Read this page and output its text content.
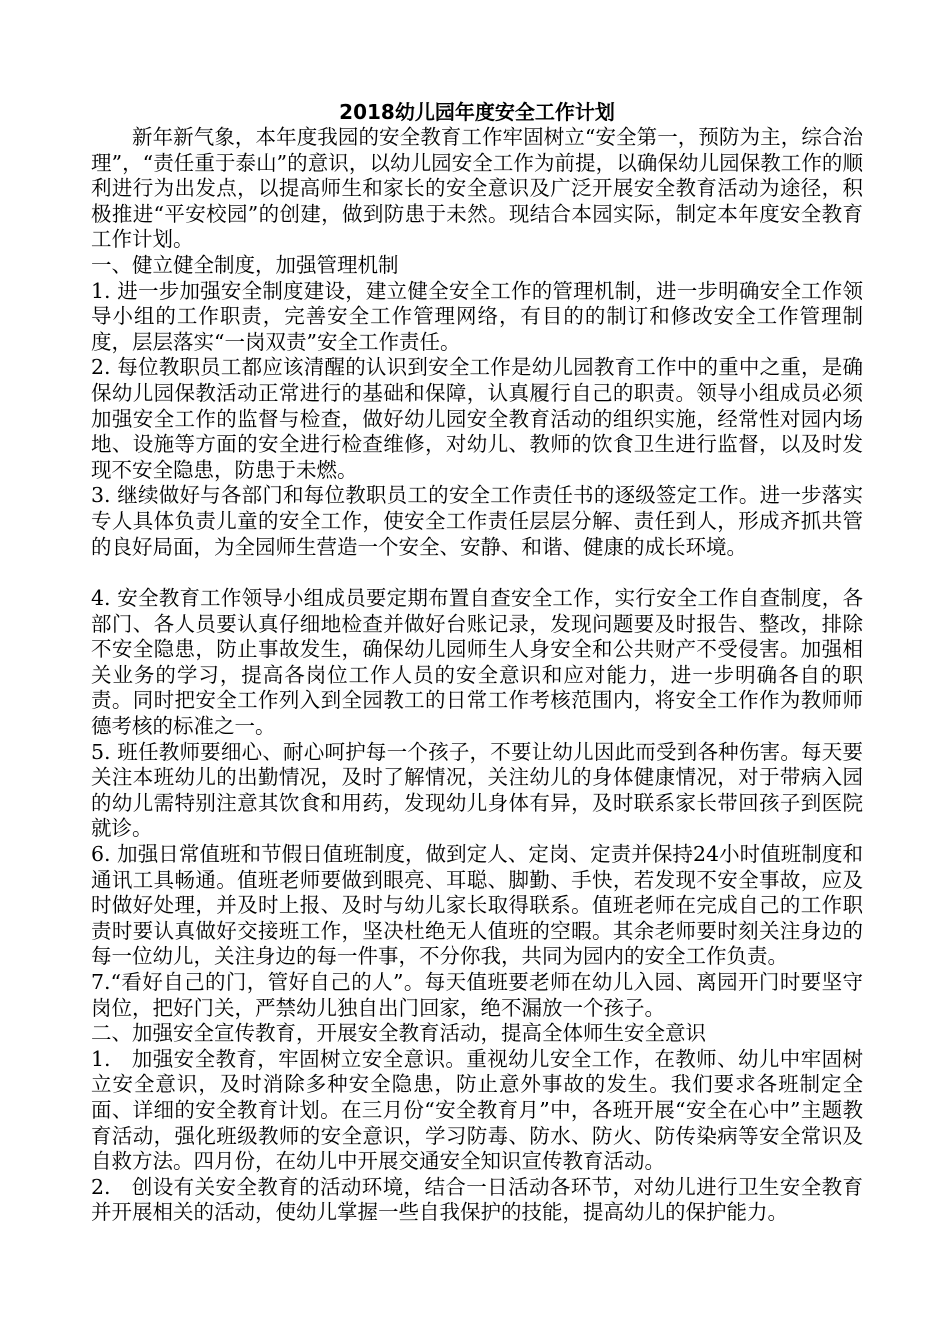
2018幼儿园年度安全工作计划

新年新气象，本年度我园的安全教育工作牢固树立“安全第一，预防为主，综合治理”，“责任重于泰山”的意识，以幼儿园安全工作为前提，以确保幼儿园保教工作的顺利进行为出发点，以提高师生和家长的安全意识及广泛开展安全教育活动为途径，积极推进“平安校园”的创建，做到防患于未然。现结合本园实际，制定本年度安全教育工作计划。

一、健立健全制度，加强管理机制

1. 进一步加强安全制度建设，建立健全安全工作的管理机制，进一步明确安全工作领导小组的工作职责，完善安全工作管理网络，有目的的制订和修改安全工作管理制度，层层落实“一岗双责”安全工作责任。

2. 每位教职员工都应该清醒的认识到安全工作是幼儿园教育工作中的重中之重，是确保幼儿园保教活动正常进行的基础和保障，认真履行自己的职责。领导小组成员必须加强安全工作的监督与检查，做好幼儿园安全教育活动的组织实施，经常性对园内场地、设施等方面的安全进行检查维修，对幼儿、教师的饮食卫生进行监督，以及时发现不安全隐患，防患于未燃。

3. 继续做好与各部门和每位教职员工的安全工作责任书的逐级签定工作。进一步落实专人具体负责儿童的安全工作，使安全工作责任层层分解、责任到人，形成齐抓共管的良好局面，为全园师生营造一个安全、安静、和谐、健康的成长环境。

4. 安全教育工作领导小组成员要定期布置自查安全工作，实行安全工作自查制度，各部门、各人员要认真仔细地检查并做好台账记录，发现问题要及时报告、整改，排除不安全隐患，防止事故发生，确保幼儿园师生人身安全和公共财产不受侵害。加强相关业务的学习，提高各岗位工作人员的安全意识和应对能力，进一步明确各自的职责。同时把安全工作列入到全园教工的日常工作考核范围内，将安全工作作为教师师德考核的标准之一。

5. 班任教师要细心、耐心呵护每一个孩子，不要让幼儿因此而受到各种伤害。每天要关注本班幼儿的出勤情况，及时了解情况，关注幼儿的身体健康情况，对于带病入园的幼儿需特别注意其饮食和用药，发现幼儿身体有异，及时联系家长带回孩子到医院就诊。

6. 加强日常值班和节假日值班制度，做到定人、定岗、定责并保持24小时值班制度和通讯工具畅通。值班老师要做到眼亮、耳聪、脚勤、手快，若发现不安全事故，应及时做好处理，并及时上报、及时与幼儿家长取得联系。值班老师在完成自己的工作职责时要认真做好交接班工作，坚决杜绝无人值班的空暇。其余老师要时刻关注身边的每一位幼儿，关注身边的每一件事，不分你我，共同为园内的安全工作负责。

7.“看好自己的门，管好自己的人”。每天值班要老师在幼儿入园、离园开门时要坚守岗位，把好门关，严禁幼儿独自出门回家，绝不漏放一个孩子。

二、加强安全宣传教育，开展安全教育活动，提高全体师生安全意识

1.　加强安全教育，牢固树立安全意识。重视幼儿安全工作，在教师、幼儿中牢固树立安全意识，及时消除多种安全隐患，防止意外事故的发生。我们要求各班制定全面、详细的安全教育计划。在三月份“安全教育月”中，各班开展“安全在心中”主题教育活动，强化班级教师的安全意识，学习防毒、防水、防火、防传染病等安全常识及自救方法。四月份，在幼儿中开展交通安全知识宣传教育活动。

2.　创设有关安全教育的活动环境，结合一日活动各环节，对幼儿进行卫生安全教育并开展相关的活动，使幼儿掌握一些自我保护的技能，提高幼儿的保护能力。
